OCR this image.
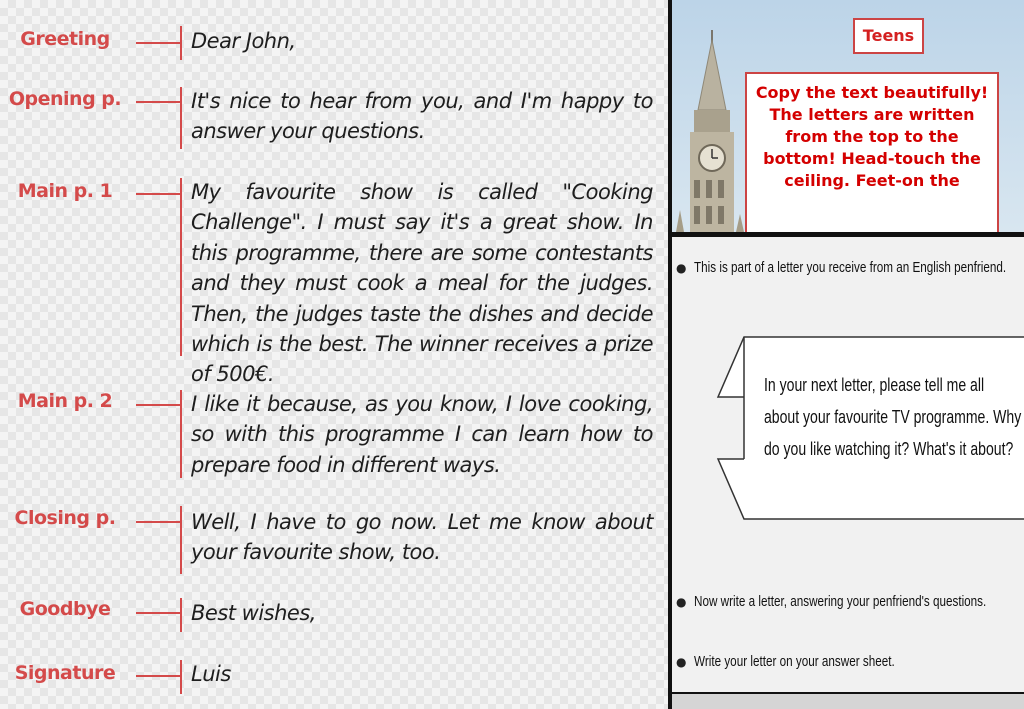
Greeting	Dear John,
Opening p.	It's nice to hear from you, and I'm happy to answer your questions.
Main p. 1	My favourite show is called "Cooking Challenge". I must say it's a great show. In this programme, there are some contestants and they must cook a meal for the judges. Then, the judges taste the dishes and decide which is the best. The winner receives a prize of 500€.
Main p. 2	I like it because, as you know, I love cooking, so with this programme I can learn how to prepare food in different ways.
Closing p.	Well, I have to go now. Let me know about your favourite show, too.
Goodbye	Best wishes,
Signature	Luis
Teens
Copy the text beautifully! The letters are written from the top to the bottom! Head-touch the ceiling. Feet-on the
● This is part of a letter you receive from an English penfriend.
In your next letter, please tell me all about your favourite TV programme. Why do you like watching it? What's it about?
● Now write a letter, answering your penfriend's questions.
● Write your letter on your answer sheet.
